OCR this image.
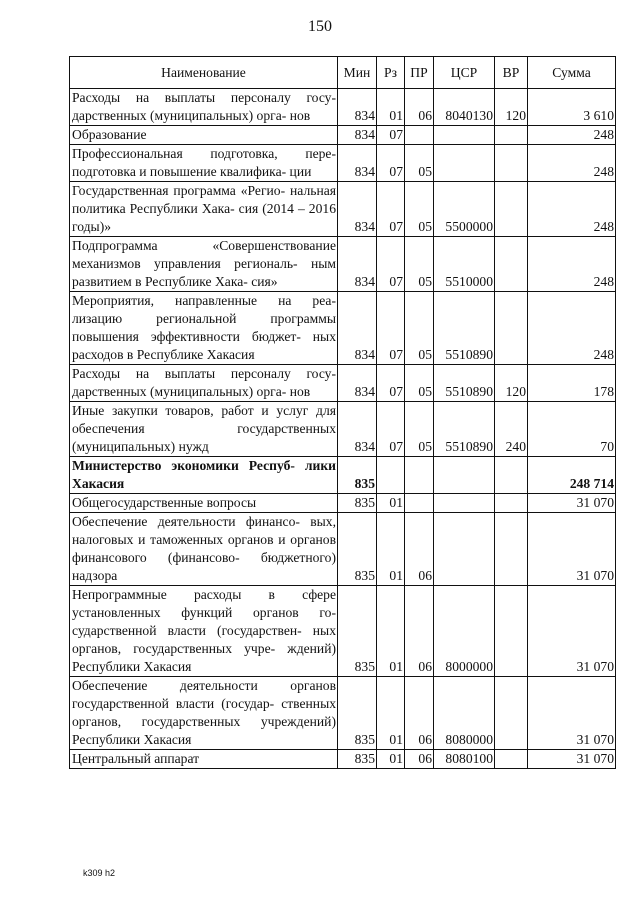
150
Наименование	Мин	Рз	ПР	ЦСР	ВР	Сумма
Расходы на выплаты персоналу госу- дарственных (муниципальных) орга- нов	834	01	06	8040130	120	3 610
Образование	834	07				248
Профессиональная подготовка, пере- подготовка и повышение квалифика- ции	834	07	05			248
Государственная программа «Регио- нальная политика Республики Хака- сия (2014 – 2016 годы)»	834	07	05	5500000		248
Подпрограмма «Совершенствование механизмов управления региональ- ным развитием в Республике Хака- сия»	834	07	05	5510000		248
Мероприятия, направленные на реа- лизацию региональной программы повышения эффективности бюджет- ных расходов в Республике Хакасия	834	07	05	5510890		248
Расходы на выплаты персоналу госу- дарственных (муниципальных) орга- нов	834	07	05	5510890	120	178
Иные закупки товаров, работ и услуг для обеспечения государственных (муниципальных) нужд	834	07	05	5510890	240	70
Министерство экономики Респуб- лики Хакасия	835					248 714
Общегосударственные вопросы	835	01				31 070
Обеспечение деятельности финансо- вых, налоговых и таможенных органов и органов финансового (финансово- бюджетного) надзора	835	01	06			31 070
Непрограммные расходы в сфере установленных функций органов го- сударственной власти (государствен- ных органов, государственных учре- ждений) Республики Хакасия	835	01	06	8000000		31 070
Обеспечение деятельности органов государственной власти (государ- ственных органов, государственных учреждений) Республики Хакасия	835	01	06	8080000		31 070
Центральный аппарат	835	01	06	8080100		31 070
k309 h2
